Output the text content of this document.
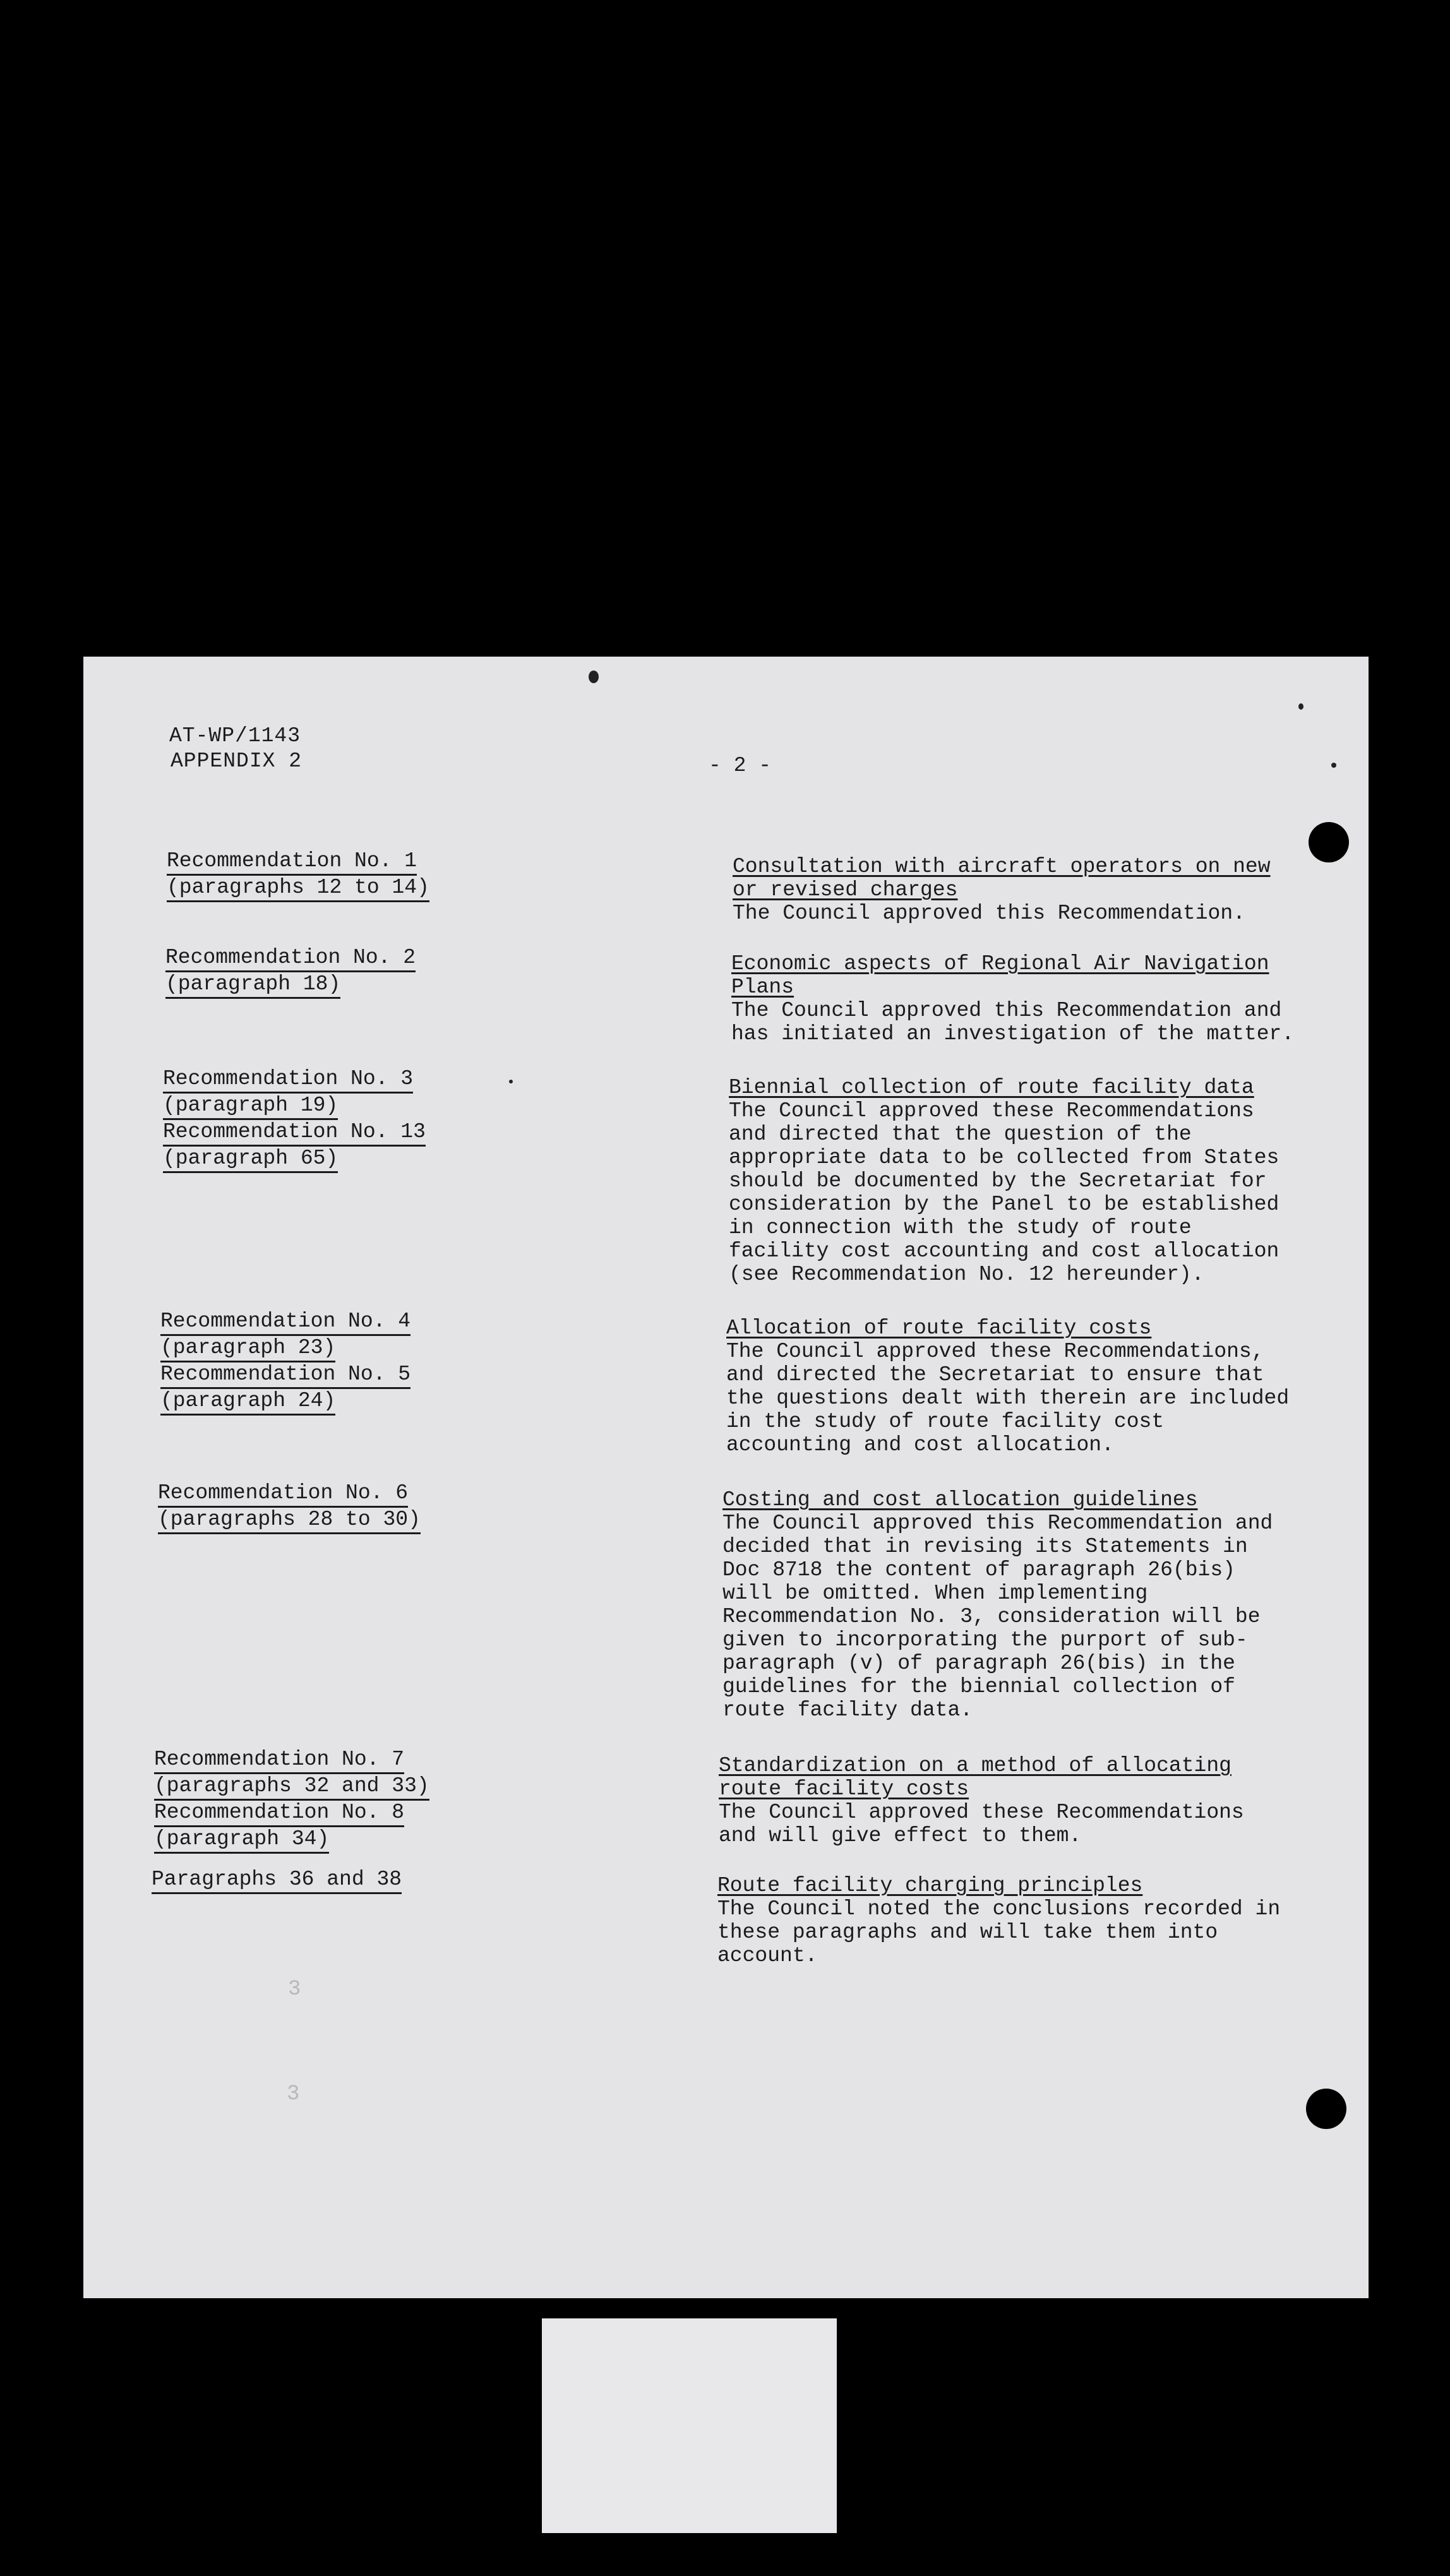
AT-WP/1143
APPENDIX 2	- 2 -
Recommendation No. 1
(paragraphs 12 to 14)
Consultation with aircraft operators on new or revised charges
The Council approved this Recommendation.
Recommendation No. 2
(paragraph 18)
Economic aspects of Regional Air Navigation Plans
The Council approved this Recommendation and has initiated an investigation of the matter.
Recommendation No. 3
(paragraph 19)
Recommendation No. 13
(paragraph 65)
Biennial collection of route facility data
The Council approved these Recommendations and directed that the question of the appropriate data to be collected from States should be documented by the Secretariat for consideration by the Panel to be established in connection with the study of route facility cost accounting and cost allocation (see Recommendation No. 12 hereunder).
Recommendation No. 4
(paragraph 23)
Recommendation No. 5
(paragraph 24)
Allocation of route facility costs
The Council approved these Recommendations, and directed the Secretariat to ensure that the questions dealt with therein are included in the study of route facility cost accounting and cost allocation.
Recommendation No. 6
(paragraphs 28 to 30)
Costing and cost allocation guidelines
The Council approved this Recommendation and decided that in revising its Statements in Doc 8718 the content of paragraph 26(bis) will be omitted. When implementing Recommendation No. 3, consideration will be given to incorporating the purport of sub-paragraph (v) of paragraph 26(bis) in the guidelines for the biennial collection of route facility data.
Recommendation No. 7
(paragraphs 32 and 33)
Recommendation No. 8
(paragraph 34)
Standardization on a method of allocating route facility costs
The Council approved these Recommendations and will give effect to them.
Paragraphs 36 and 38	Route facility charging principles
The Council noted the conclusions recorded in these paragraphs and will take them into account.
3
3
